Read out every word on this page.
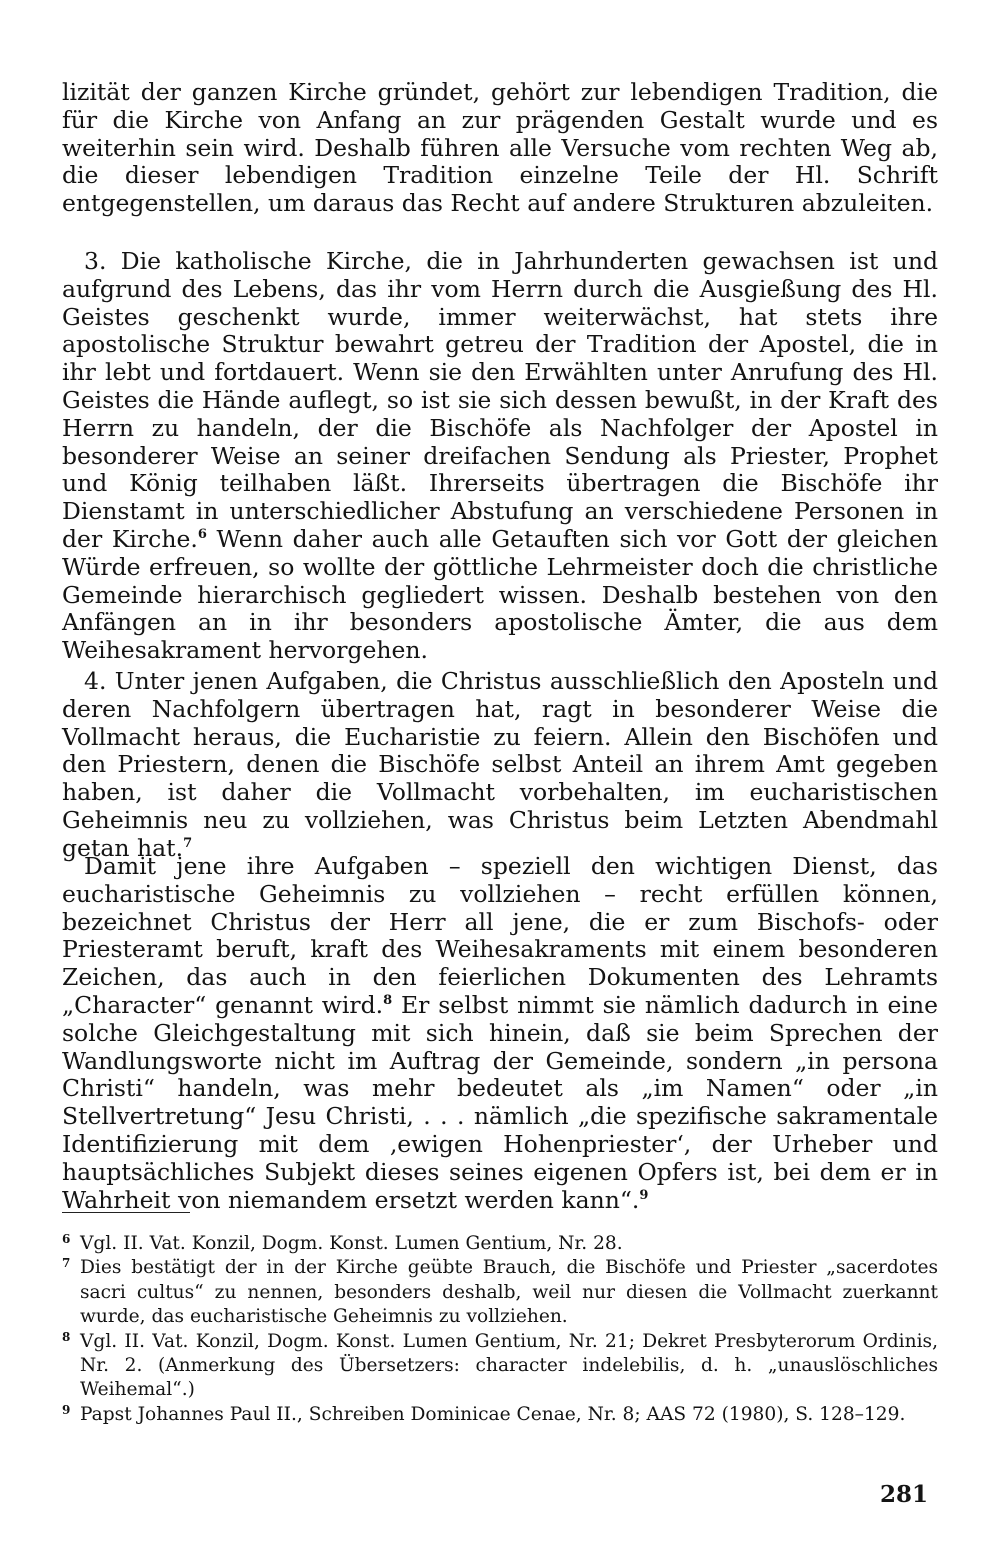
lizität der ganzen Kirche gründet, gehört zur lebendigen Tradition, die für die Kirche von Anfang an zur prägenden Gestalt wurde und es weiterhin sein wird. Deshalb führen alle Versuche vom rechten Weg ab, die dieser lebendigen Tradition einzelne Teile der Hl. Schrift entgegenstellen, um daraus das Recht auf andere Strukturen abzuleiten.

3. Die katholische Kirche, die in Jahrhunderten gewachsen ist und aufgrund des Lebens, das ihr vom Herrn durch die Ausgießung des Hl. Geistes geschenkt wurde, immer weiterwächst, hat stets ihre apostolische Struktur bewahrt getreu der Tradition der Apostel, die in ihr lebt und fortdauert. Wenn sie den Erwählten unter Anrufung des Hl. Geistes die Hände auflegt, so ist sie sich dessen bewußt, in der Kraft des Herrn zu handeln, der die Bischöfe als Nachfolger der Apostel in besonderer Weise an seiner dreifachen Sendung als Priester, Prophet und König teilhaben läßt. Ihrerseits übertragen die Bischöfe ihr Dienstamt in unterschiedlicher Abstufung an verschiedene Personen in der Kirche.$^6$ Wenn daher auch alle Getauften sich vor Gott der gleichen Würde erfreuen, so wollte der göttliche Lehrmeister doch die christliche Gemeinde hierarchisch gegliedert wissen. Deshalb bestehen von den Anfängen an in ihr besonders apostolische Ämter, die aus dem Weihesakrament hervorgehen.

4. Unter jenen Aufgaben, die Christus ausschließlich den Aposteln und deren Nachfolgern übertragen hat, ragt in besonderer Weise die Vollmacht heraus, die Eucharistie zu feiern. Allein den Bischöfen und den Priestern, denen die Bischöfe selbst Anteil an ihrem Amt gegeben haben, ist daher die Vollmacht vorbehalten, im eucharistischen Geheimnis neu zu vollziehen, was Christus beim Letzten Abendmahl getan hat.$^7$

Damit jene ihre Aufgaben – speziell den wichtigen Dienst, das eucharistische Geheimnis zu vollziehen – recht erfüllen können, bezeichnet Christus der Herr all jene, die er zum Bischofs- oder Priesteramt beruft, kraft des Weihesakraments mit einem besonderen Zeichen, das auch in den feierlichen Dokumenten des Lehramts „Character“ genannt wird.$^8$ Er selbst nimmt sie nämlich dadurch in eine solche Gleichgestaltung mit sich hinein, daß sie beim Sprechen der Wandlungsworte nicht im Auftrag der Gemeinde, sondern „in persona Christi“ handeln, was mehr bedeutet als „im Namen“ oder „in Stellvertretung“ Jesu Christi, . . . nämlich „die spezifische sakramentale Identifizierung mit dem ‚ewigen Hohenpriester‘, der Urheber und hauptsächliches Subjekt dieses seines eigenen Opfers ist, bei dem er in Wahrheit von niemandem ersetzt werden kann“.$^9$

6 Vgl. II. Vat. Konzil, Dogm. Konst. Lumen Gentium, Nr. 28.

7 Dies bestätigt der in der Kirche geübte Brauch, die Bischöfe und Priester „sacerdotes sacri cultus“ zu nennen, besonders deshalb, weil nur diesen die Vollmacht zuerkannt wurde, das eucharistische Geheimnis zu vollziehen.

8 Vgl. II. Vat. Konzil, Dogm. Konst. Lumen Gentium, Nr. 21; Dekret Presbyterorum Ordinis, Nr. 2. (Anmerkung des Übersetzers: character indelebilis, d. h. „unauslöschliches Weihemal“.)

9 Papst Johannes Paul II., Schreiben Dominicae Cenae, Nr. 8; AAS 72 (1980), S. 128–129.

281
